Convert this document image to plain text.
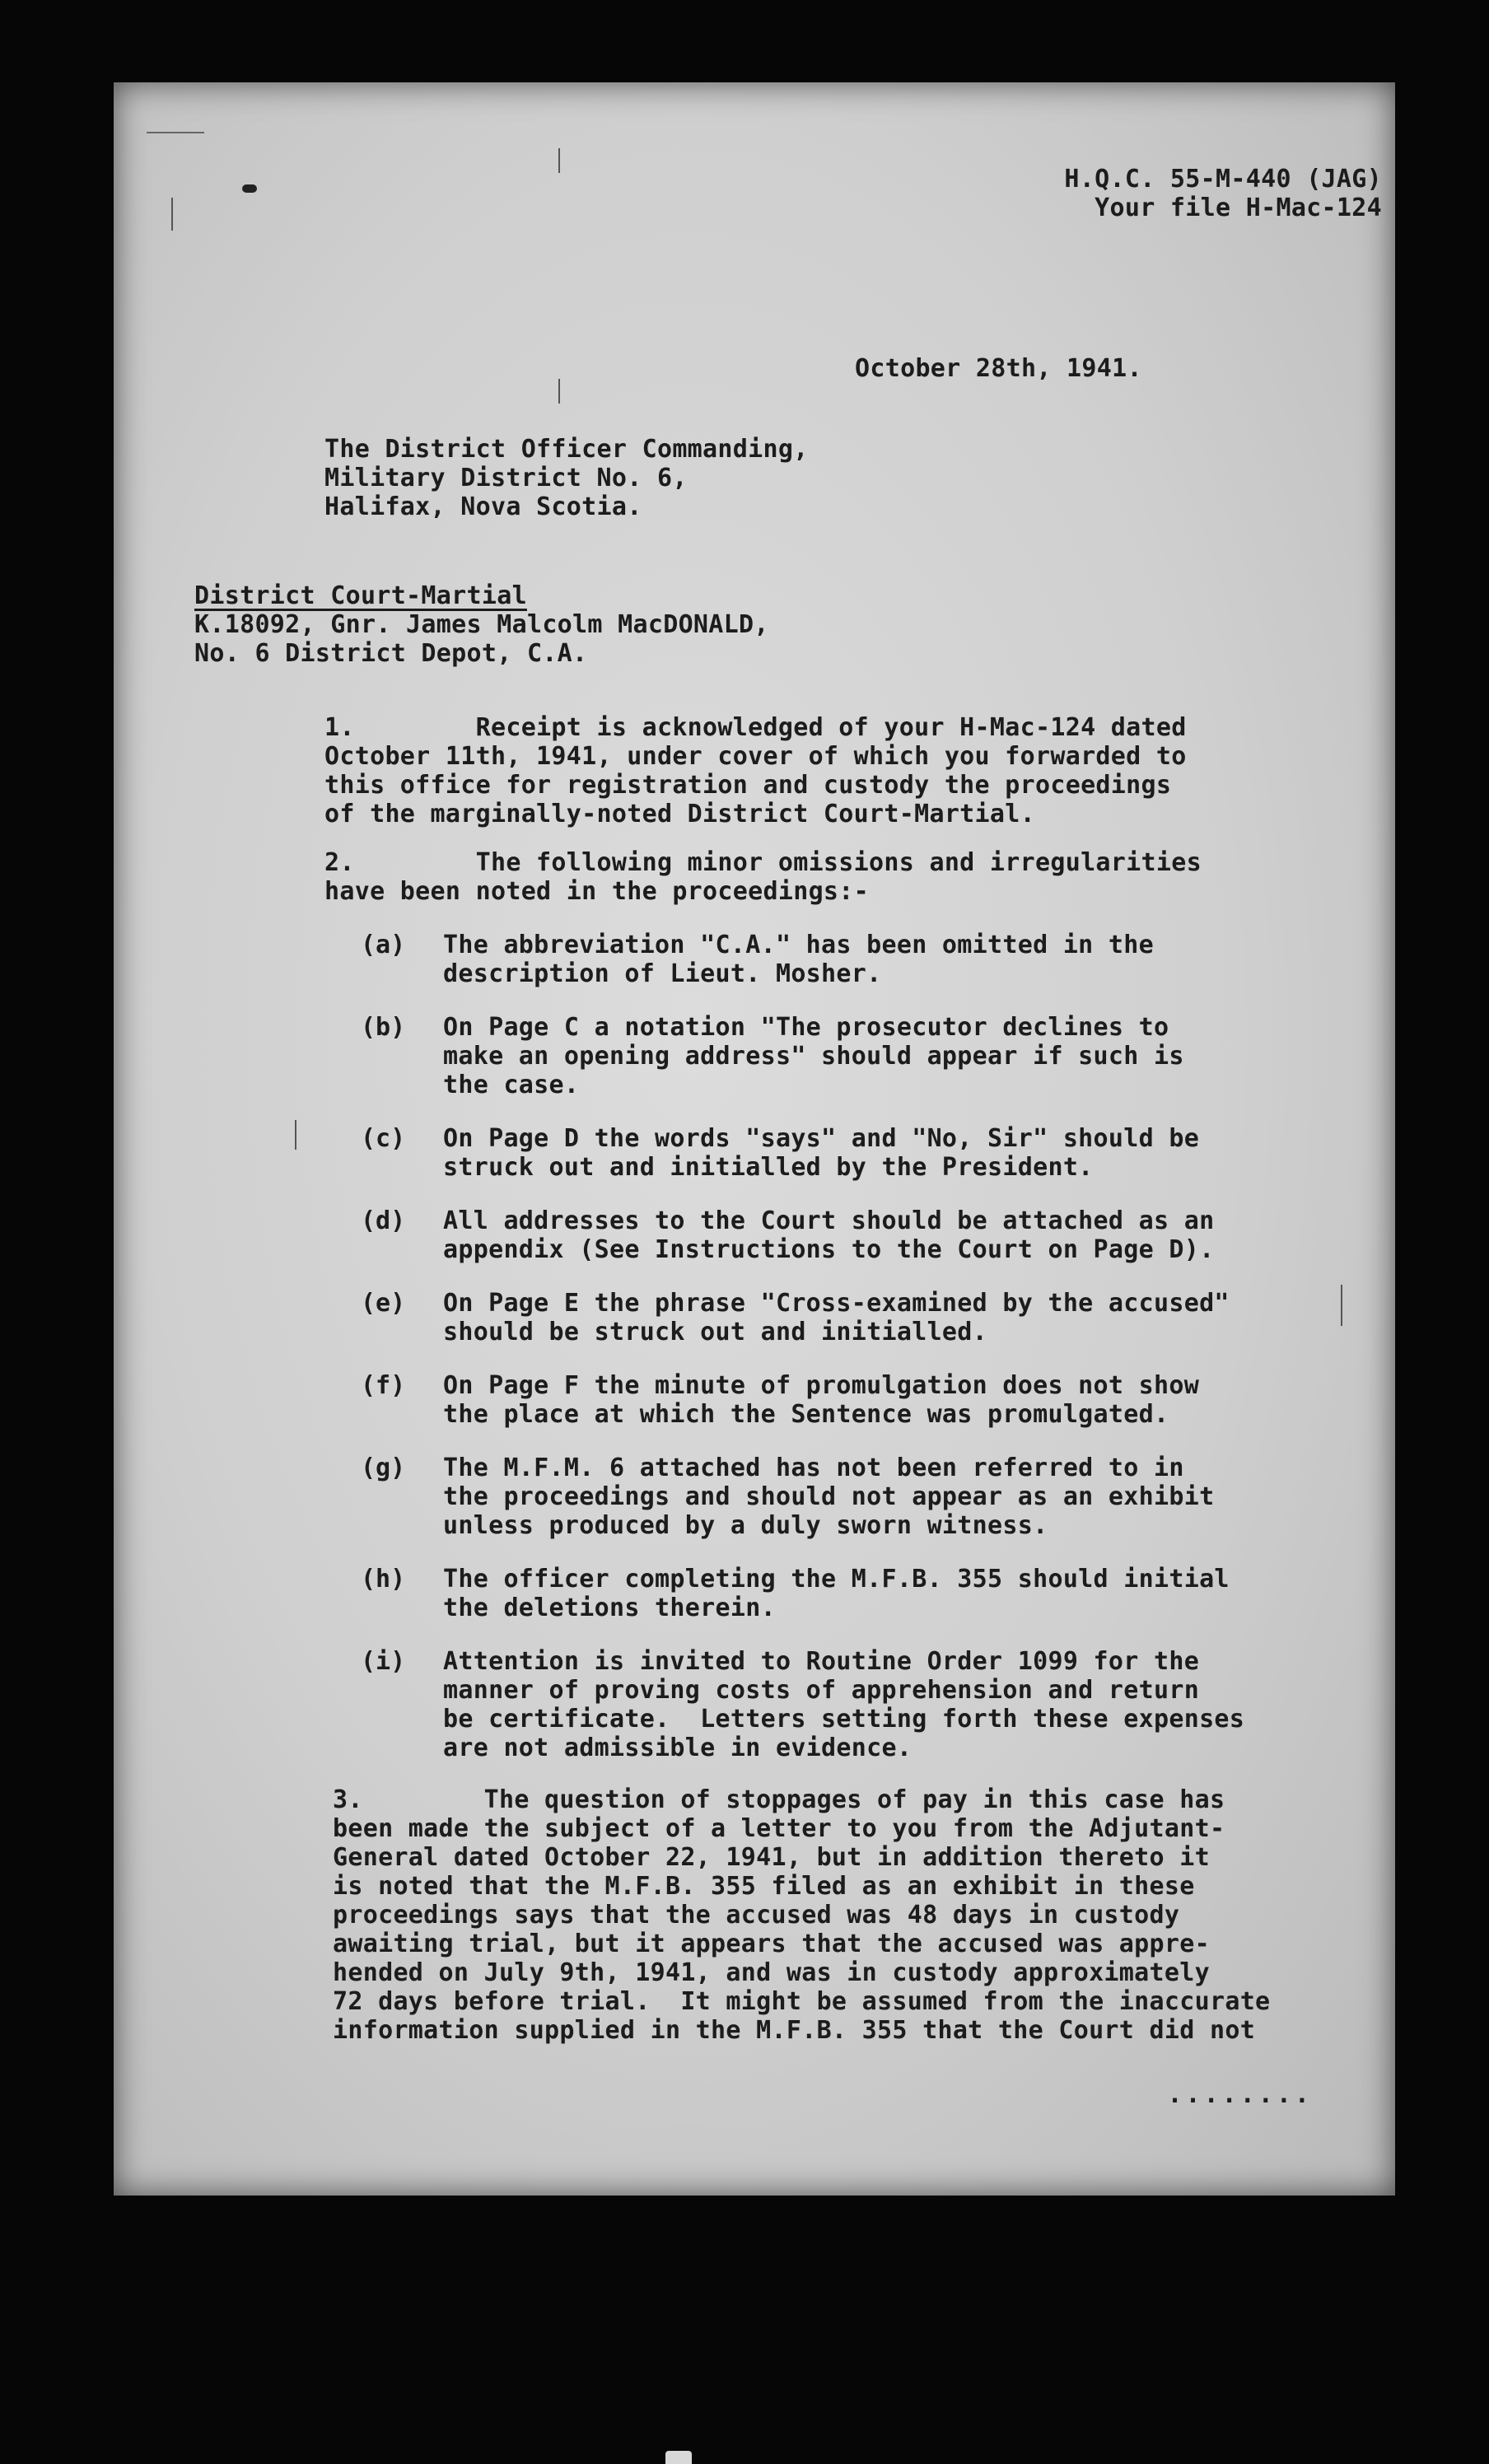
H.Q.C. 55-M-440 (JAG)
Your file H-Mac-124
October 28th, 1941.
The District Officer Commanding,
Military District No. 6,
Halifax, Nova Scotia.
District Court-Martial
K.18092, Gnr. James Malcolm MacDONALD,
No. 6 District Depot, C.A.
1.        Receipt is acknowledged of your H-Mac-124 dated
October 11th, 1941, under cover of which you forwarded to
this office for registration and custody the proceedings
of the marginally-noted District Court-Martial.
2.        The following minor omissions and irregularities
have been noted in the proceedings:-
(a) The abbreviation "C.A." has been omitted in the
description of Lieut. Mosher.
(b) On Page C a notation "The prosecutor declines to
make an opening address" should appear if such is
the case.
(c) On Page D the words "says" and "No, Sir" should be
struck out and initialled by the President.
(d) All addresses to the Court should be attached as an
appendix (See Instructions to the Court on Page D).
(e) On Page E the phrase "Cross-examined by the accused"
should be struck out and initialled.
(f) On Page F the minute of promulgation does not show
the place at which the Sentence was promulgated.
(g) The M.F.M. 6 attached has not been referred to in
the proceedings and should not appear as an exhibit
unless produced by a duly sworn witness.
(h) The officer completing the M.F.B. 355 should initial
the deletions therein.
(i) Attention is invited to Routine Order 1099 for the
manner of proving costs of apprehension and return
be certificate.  Letters setting forth these expenses
are not admissible in evidence.
3.        The question of stoppages of pay in this case has
been made the subject of a letter to you from the Adjutant-
General dated October 22, 1941, but in addition thereto it
is noted that the M.F.B. 355 filed as an exhibit in these
proceedings says that the accused was 48 days in custody
awaiting trial, but it appears that the accused was appre-
hended on July 9th, 1941, and was in custody approximately
72 days before trial.  It might be assumed from the inaccurate
information supplied in the M.F.B. 355 that the Court did not
........
